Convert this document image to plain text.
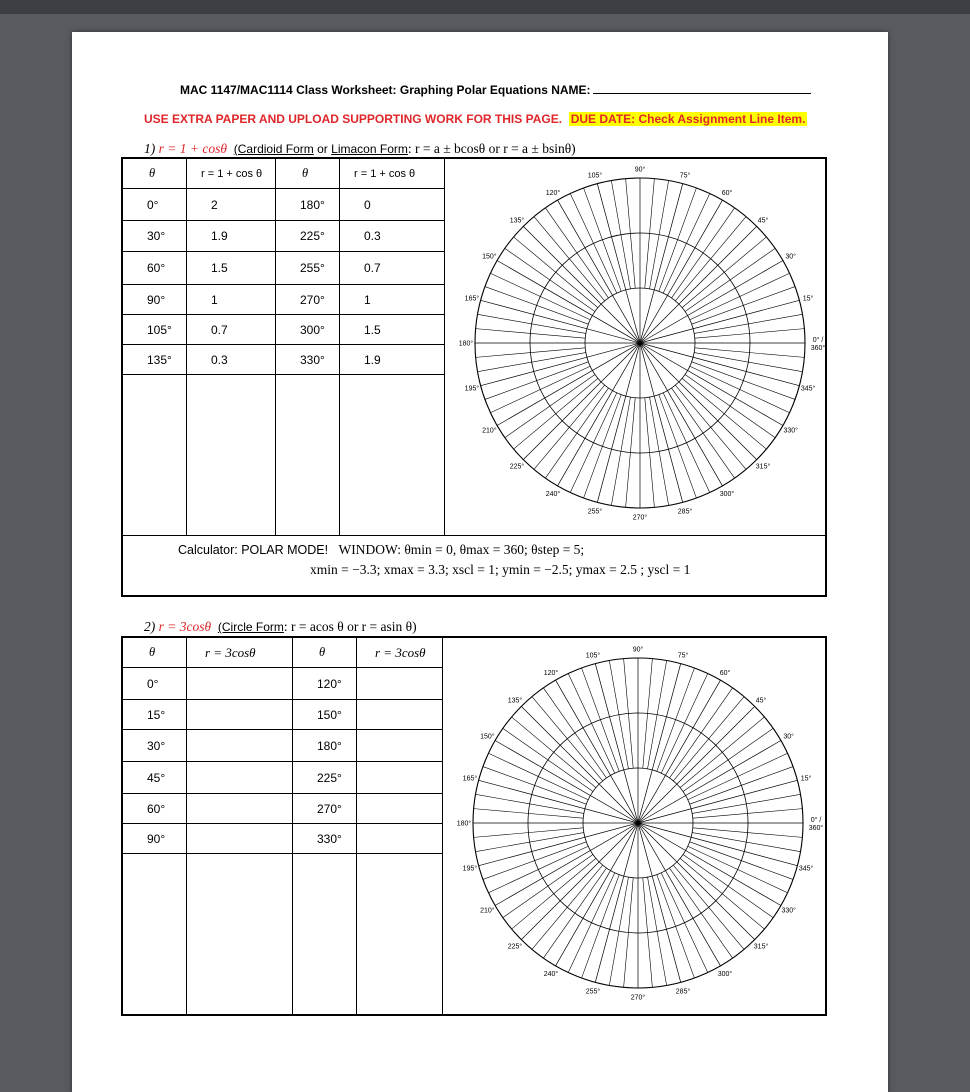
MAC 1147/MAC1114 Class Worksheet: Graphing Polar Equations NAME:
USE EXTRA PAPER AND UPLOAD SUPPORTING WORK FOR THIS PAGE. DUE DATE: Check Assignment Line Item.
1) r = 1 + cosθ (Cardioid Form or Limacon Form: r = a ± bcosθ or r = a ± bsinθ)
θ	r = 1 + cos θ	θ	r = 1 + cos θ
0°	2	180°	0
30°	1.9	225°	0.3
60°	1.5	255°	0.7
90°	1	270°	1
105°	0.7	300°	1.5
135°	0.3	330°	1.9

0° / 360°
15°
30°
45°
60°
75°
90°
105°
120°
135°
150°
165°
180°
195°
210°
225°
240°
255°
270°
285°
300°
315°
330°
345°
Calculator: POLAR MODE! WINDOW: θmin = 0, θmax = 360; θstep = 5;
xmin = −3.3; xmax = 3.3; xscl = 1; ymin = −2.5; ymax = 2.5 ; yscl = 1
2) r = 3cosθ (Circle Form: r = acos θ or r = asin θ)
θ	r = 3cosθ	θ	r = 3cosθ
0°		120°	
15°		150°	
30°		180°	
45°		225°	
60°		270°	
90°		330°	

0° / 360°
15°
30°
45°
60°
75°
90°
105°
120°
135°
150°
165°
180°
195°
210°
225°
240°
255°
270°
285°
300°
315°
330°
345°
